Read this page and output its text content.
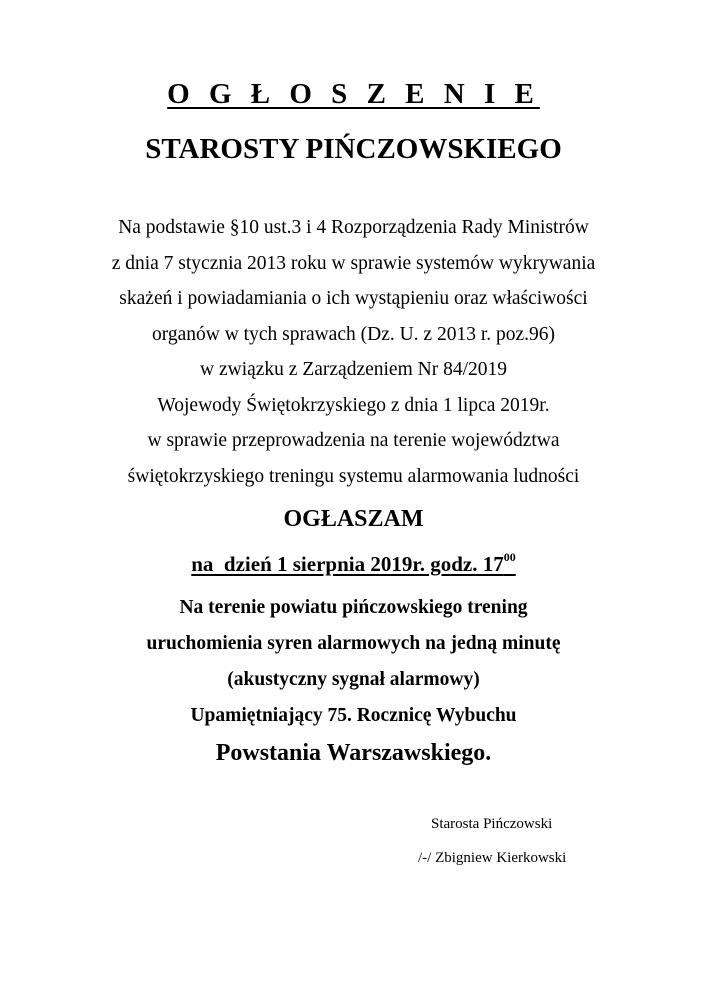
O G Ł O S Z E N I E
STAROSTY PIŃCZOWSKIEGO
Na podstawie §10 ust.3 i 4 Rozporządzenia Rady Ministrów
z dnia 7 stycznia 2013 roku w sprawie systemów wykrywania
skażeń i powiadamiania o ich wystąpieniu oraz właściwości
organów w tych sprawach (Dz. U. z 2013 r. poz.96)
w związku z Zarządzeniem Nr 84/2019
Wojewody Świętokrzyskiego z dnia 1 lipca 2019r.
w sprawie przeprowadzenia na terenie województwa
świętokrzyskiego treningu systemu alarmowania ludności
OGŁASZAM
na  dzień 1 sierpnia 2019r. godz. $17^{00}$
Na terenie powiatu pińczowskiego trening
uruchomienia syren alarmowych na jedną minutę
(akustyczny sygnał alarmowy)
Upamiętniający 75. Rocznicę Wybuchu
Powstania Warszawskiego.
Starosta Pińczowski
/-/ Zbigniew Kierkowski
